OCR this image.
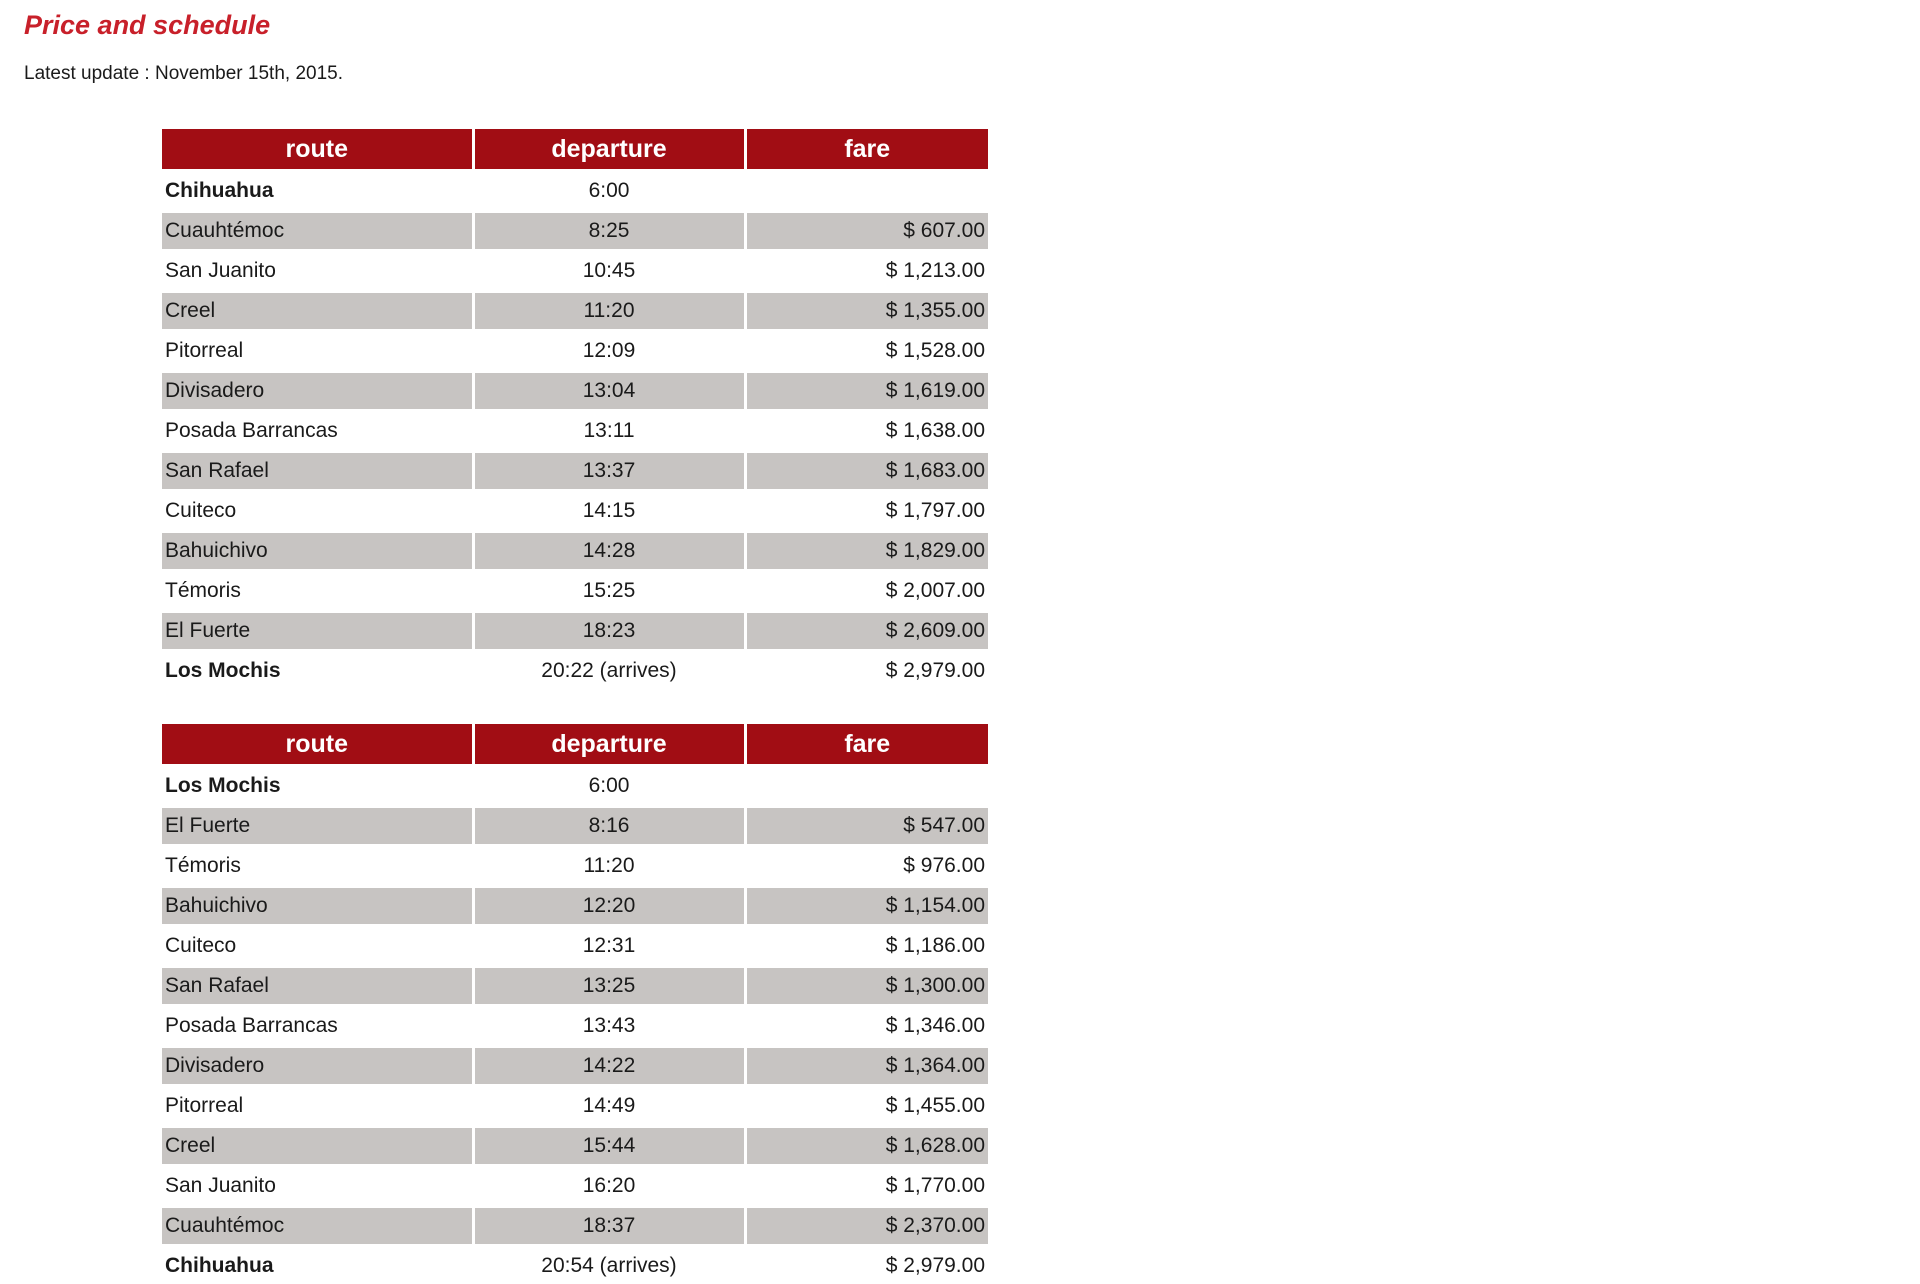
Price and schedule
Latest update : November 15th, 2015.
route	departure	fare
Chihuahua	6:00	
Cuauhtémoc	8:25	$ 607.00
San Juanito	10:45	$ 1,213.00
Creel	11:20	$ 1,355.00
Pitorreal	12:09	$ 1,528.00
Divisadero	13:04	$ 1,619.00
Posada Barrancas	13:11	$ 1,638.00
San Rafael	13:37	$ 1,683.00
Cuiteco	14:15	$ 1,797.00
Bahuichivo	14:28	$ 1,829.00
Témoris	15:25	$ 2,007.00
El Fuerte	18:23	$ 2,609.00
Los Mochis	20:22 (arrives)	$ 2,979.00
route	departure	fare
Los Mochis	6:00	
El Fuerte	8:16	$ 547.00
Témoris	11:20	$ 976.00
Bahuichivo	12:20	$ 1,154.00
Cuiteco	12:31	$ 1,186.00
San Rafael	13:25	$ 1,300.00
Posada Barrancas	13:43	$ 1,346.00
Divisadero	14:22	$ 1,364.00
Pitorreal	14:49	$ 1,455.00
Creel	15:44	$ 1,628.00
San Juanito	16:20	$ 1,770.00
Cuauhtémoc	18:37	$ 2,370.00
Chihuahua	20:54 (arrives)	$ 2,979.00
